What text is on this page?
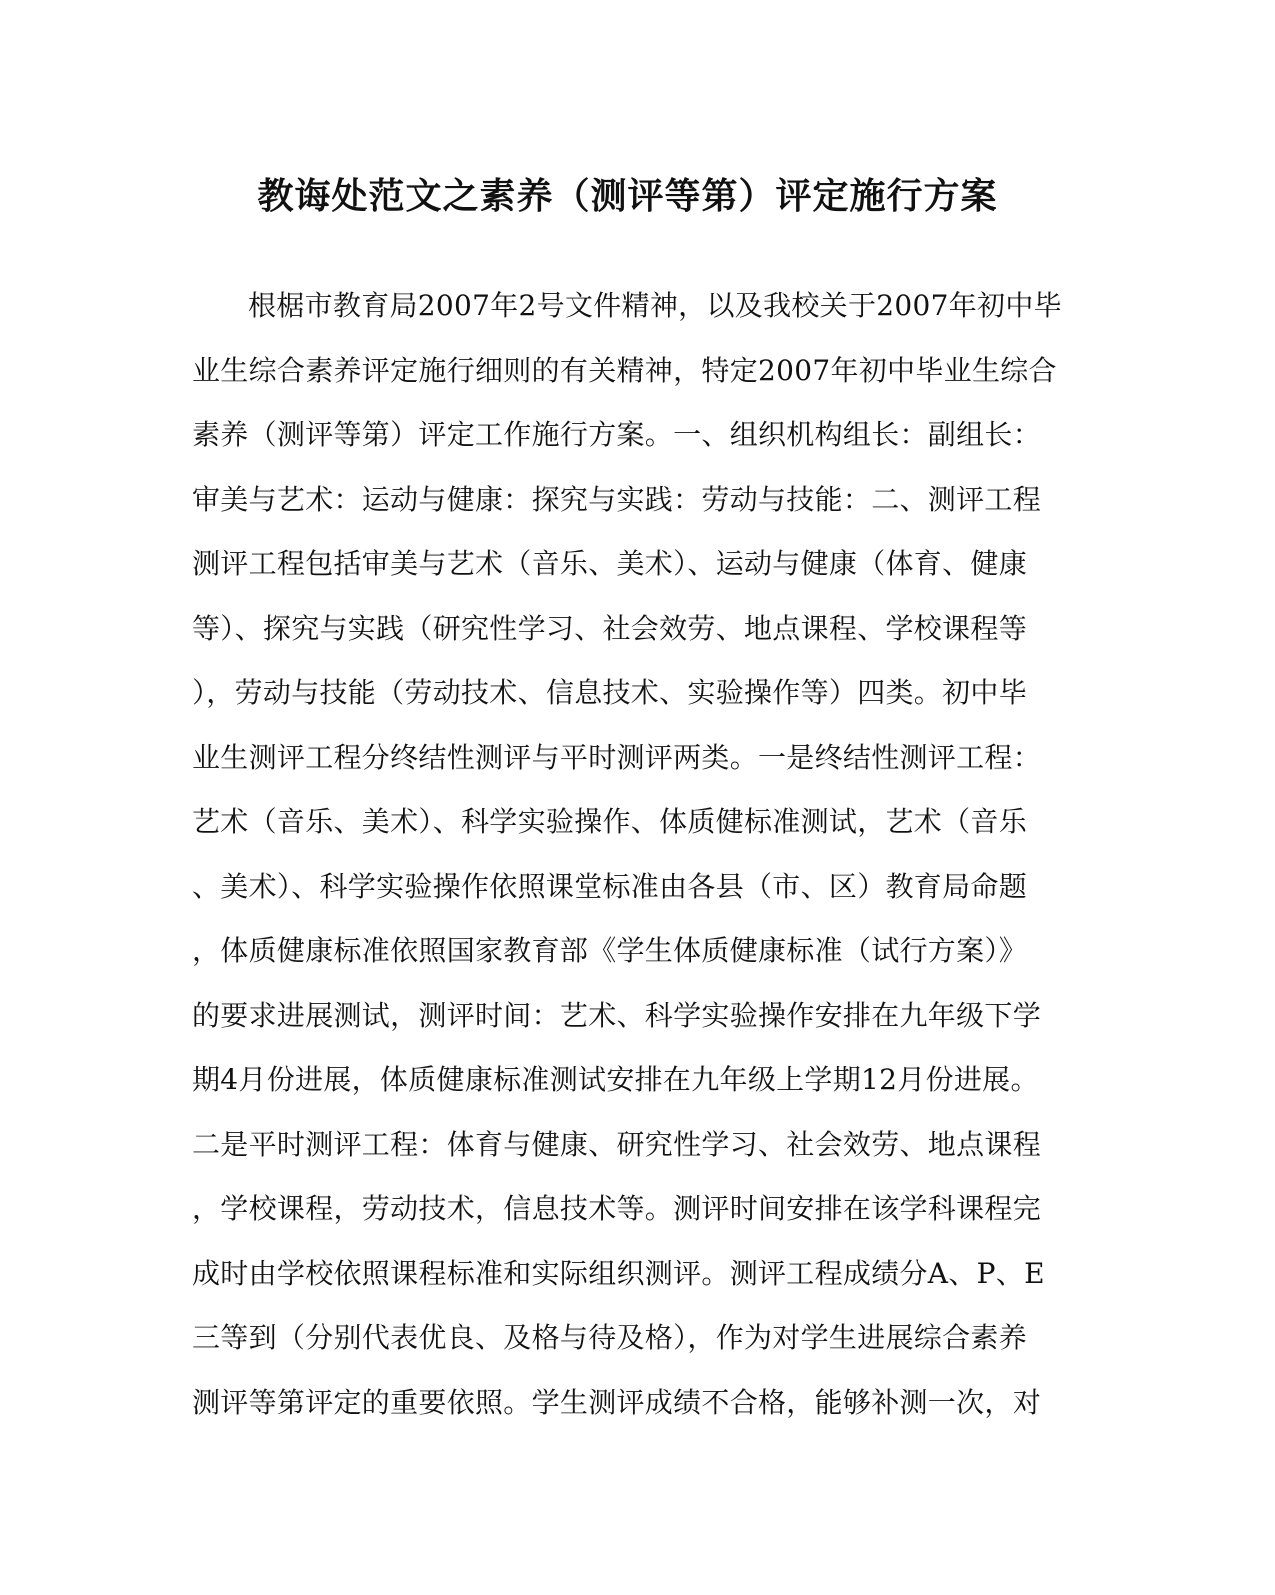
教诲处范文之素养（测评等第）评定施行方案
根椐市教育局2007年2号文件精神，以及我校关于2007年初中毕
业生综合素养评定施行细则的有关精神，特定2007年初中毕业生综合
素养（测评等第）评定工作施行方案。一、组织机构组长：副组长：
审美与艺术：运动与健康：探究与实践：劳动与技能：二、测评工程
测评工程包括审美与艺术（音乐、美术）、运动与健康（体育、健康
等）、探究与实践（研究性学习、社会效劳、地点课程、学校课程等
），劳动与技能（劳动技术、信息技术、实验操作等）四类。初中毕
业生测评工程分终结性测评与平时测评两类。一是终结性测评工程：
艺术（音乐、美术）、科学实验操作、体质健标准测试，艺术（音乐
、美术）、科学实验操作依照课堂标准由各县（市、区）教育局命题
，体质健康标准依照国家教育部《学生体质健康标准（试行方案）》
的要求进展测试，测评时间：艺术、科学实验操作安排在九年级下学
期4月份进展，体质健康标准测试安排在九年级上学期12月份进展。
二是平时测评工程：体育与健康、研究性学习、社会效劳、地点课程
，学校课程，劳动技术，信息技术等。测评时间安排在该学科课程完
成时由学校依照课程标准和实际组织测评。测评工程成绩分A、P、E
三等到（分别代表优良、及格与待及格），作为对学生进展综合素养
测评等第评定的重要依照。学生测评成绩不合格，能够补测一次，对
